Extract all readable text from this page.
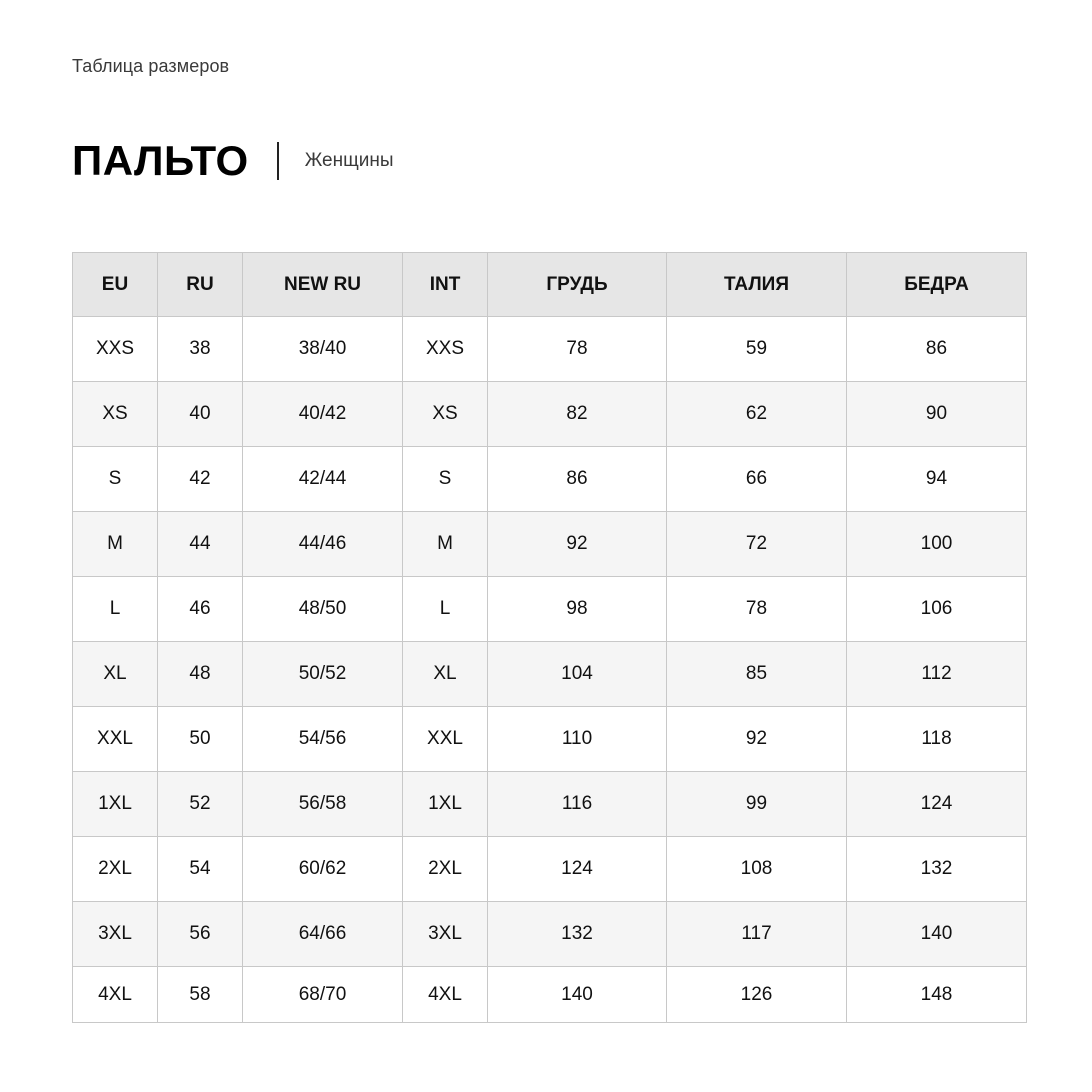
Таблица размеров
ПАЛЬТО	Женщины
EU	RU	NEW RU	INT	ГРУДЬ	ТАЛИЯ	БЕДРА
XXS	38	38/40	XXS	78	59	86
XS	40	40/42	XS	82	62	90
S	42	42/44	S	86	66	94
M	44	44/46	M	92	72	100
L	46	48/50	L	98	78	106
XL	48	50/52	XL	104	85	112
XXL	50	54/56	XXL	110	92	118
1XL	52	56/58	1XL	116	99	124
2XL	54	60/62	2XL	124	108	132
3XL	56	64/66	3XL	132	117	140
4XL	58	68/70	4XL	140	126	148
